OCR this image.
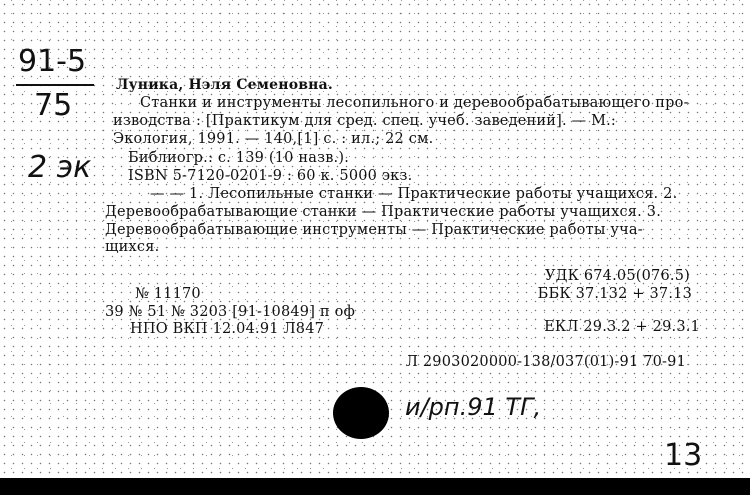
91-5
75
2 эк
Луника, Нэля Семеновна.
Станки и инструменты лесопильного и деревообрабатывающего про-
изводства : [Практикум для сред. спец. учеб. заведений]. — М.:
Экология, 1991. — 140,[1] с. : ил.; 22 см.
Библиогр.: с. 139 (10 назв.).
ISBN 5-7120-0201-9 : 60 к. 5000 экз.
— — 1. Лесопильные станки — Практические работы учащихся. 2.
Деревообрабатывающие станки — Практические работы учащихся. 3.
Деревообрабатывающие инструменты — Практические работы уча-
щихся.
УДК 674.05(076.5)
ББК 37.132 + 37.13
№ 11170
39 № 51 № 3203 [91-10849] п оф
НПО ВКП 12.04.91 Л847	ЕКЛ 29.3.2 + 29.3.1
Л 2903020000-138/037(01)-91 70-91
и/рп.91 ТГ,
13
